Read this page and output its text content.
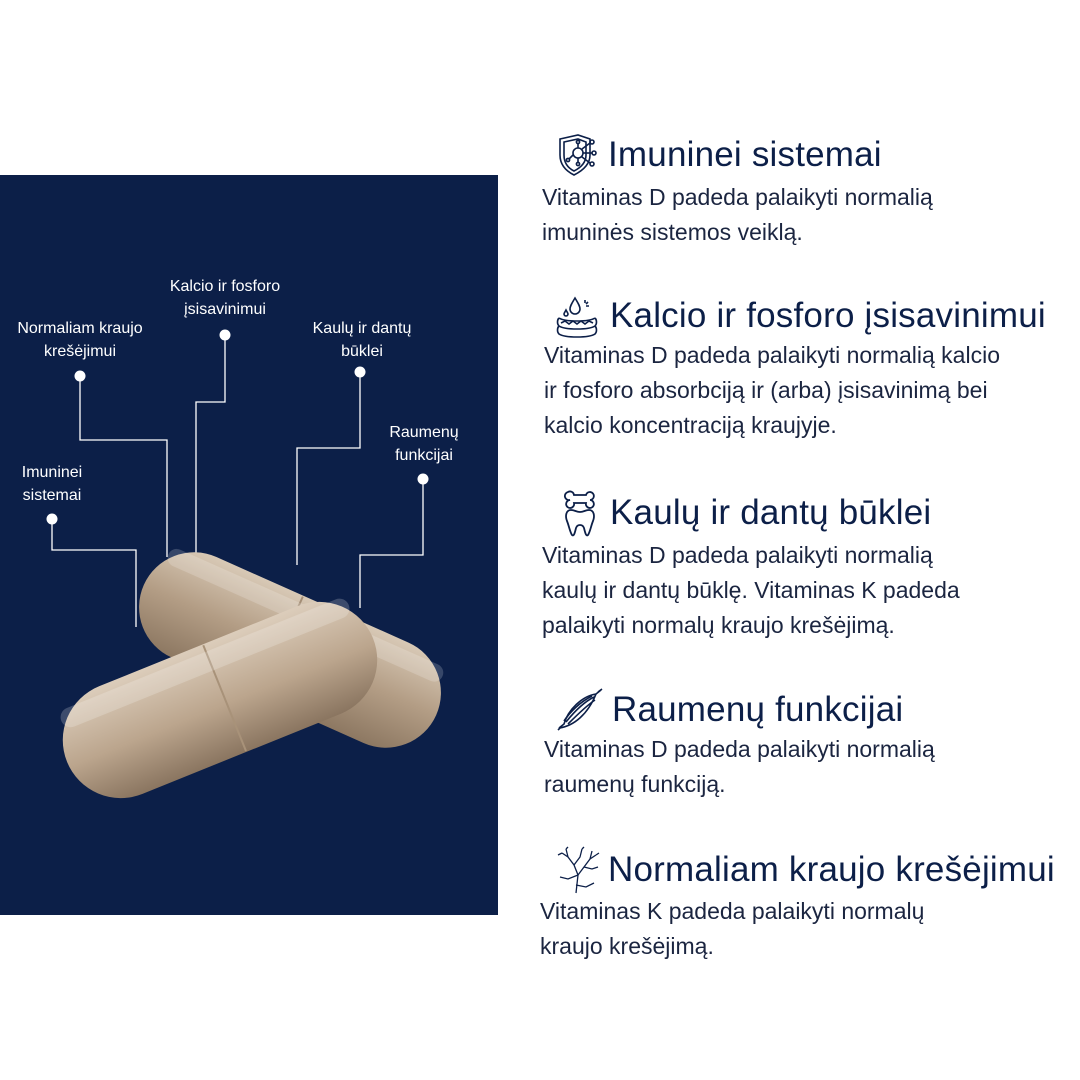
Kalcio ir fosforo
įsisavinimui
Normaliam kraujo
krešėjimui
Kaulų ir dantų
būklei
Raumenų
funkcijai
Imuninei
sistemai
Imuninei sistemai
Vitaminas D padeda palaikyti normalią
imuninės sistemos veiklą.
Kalcio ir fosforo įsisavinimui
Vitaminas D padeda palaikyti normalią kalcio
ir fosforo absorbciją ir (arba) įsisavinimą bei
kalcio koncentraciją kraujyje.
Kaulų ir dantų būklei
Vitaminas D padeda palaikyti normalią
kaulų ir dantų būklę. Vitaminas K padeda
palaikyti normalų kraujo krešėjimą.
Raumenų funkcijai
Vitaminas D padeda palaikyti normalią
raumenų funkciją.
Normaliam kraujo krešėjimui
Vitaminas K padeda palaikyti normalų
kraujo krešėjimą.
